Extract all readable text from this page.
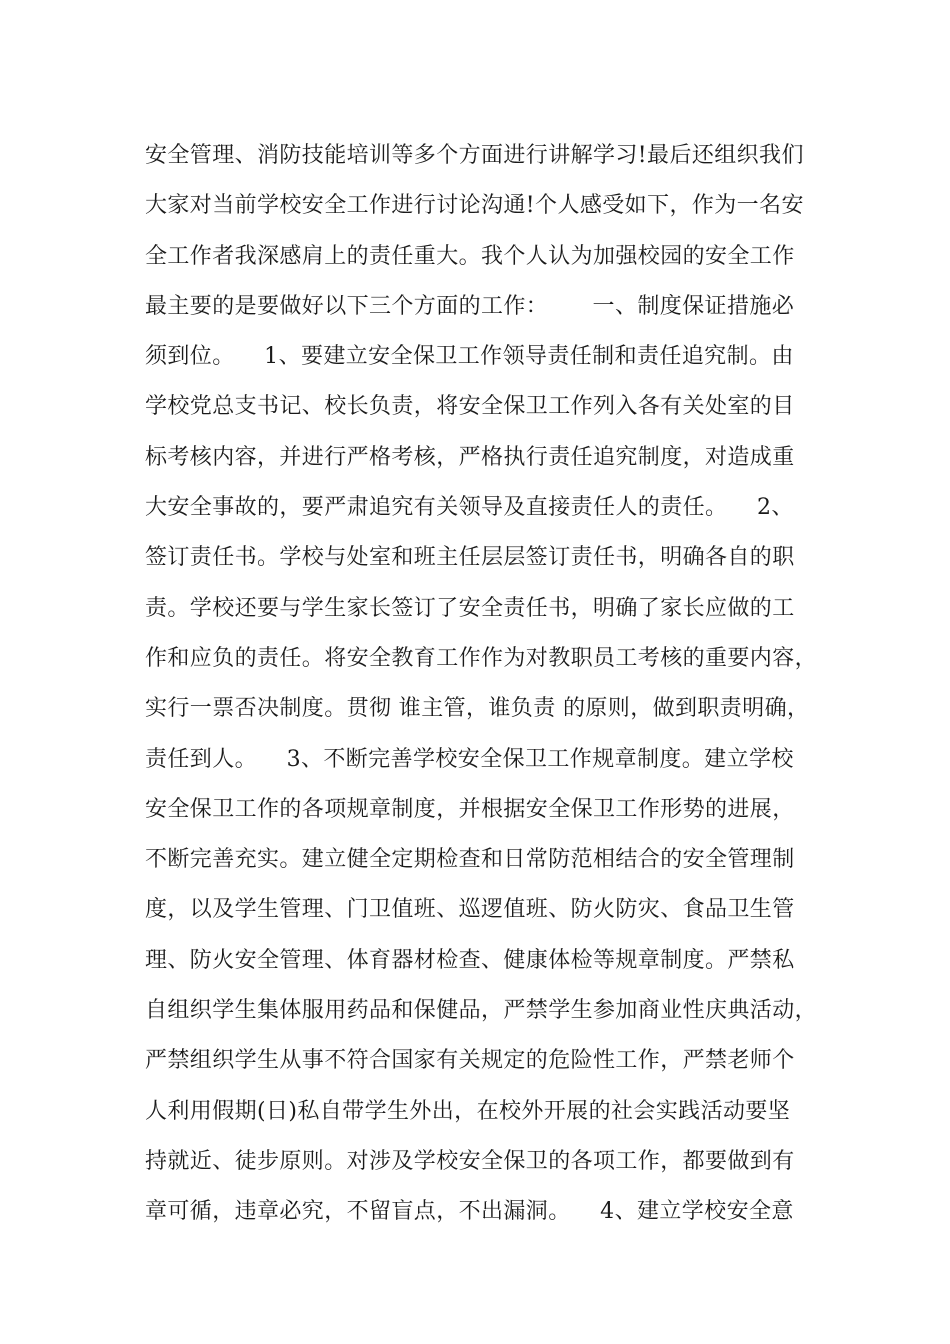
安全管理、消防技能培训等多个方面进行讲解学习!最后还组织我们
大家对当前学校安全工作进行讨论沟通!个人感受如下，作为一名安
全工作者我深感肩上的责任重大。我个人认为加强校园的安全工作
最主要的是要做好以下三个方面的工作：      一、制度保证措施必
须到位。    1、要建立安全保卫工作领导责任制和责任追究制。由
学校党总支书记、校长负责，将安全保卫工作列入各有关处室的目
标考核内容，并进行严格考核，严格执行责任追究制度，对造成重
大安全事故的，要严肃追究有关领导及直接责任人的责任。    2、
签订责任书。学校与处室和班主任层层签订责任书，明确各自的职
责。学校还要与学生家长签订了安全责任书，明确了家长应做的工
作和应负的责任。将安全教育工作作为对教职员工考核的重要内容，
实行一票否决制度。贯彻 谁主管，谁负责 的原则，做到职责明确，
责任到人。    3、不断完善学校安全保卫工作规章制度。建立学校
安全保卫工作的各项规章制度，并根据安全保卫工作形势的进展，
不断完善充实。建立健全定期检查和日常防范相结合的安全管理制
度，以及学生管理、门卫值班、巡逻值班、防火防灾、食品卫生管
理、防火安全管理、体育器材检查、健康体检等规章制度。严禁私
自组织学生集体服用药品和保健品，严禁学生参加商业性庆典活动，
严禁组织学生从事不符合国家有关规定的危险性工作，严禁老师个
人利用假期(日)私自带学生外出，在校外开展的社会实践活动要坚
持就近、徒步原则。对涉及学校安全保卫的各项工作，都要做到有
章可循，违章必究，不留盲点，不出漏洞。    4、建立学校安全意
